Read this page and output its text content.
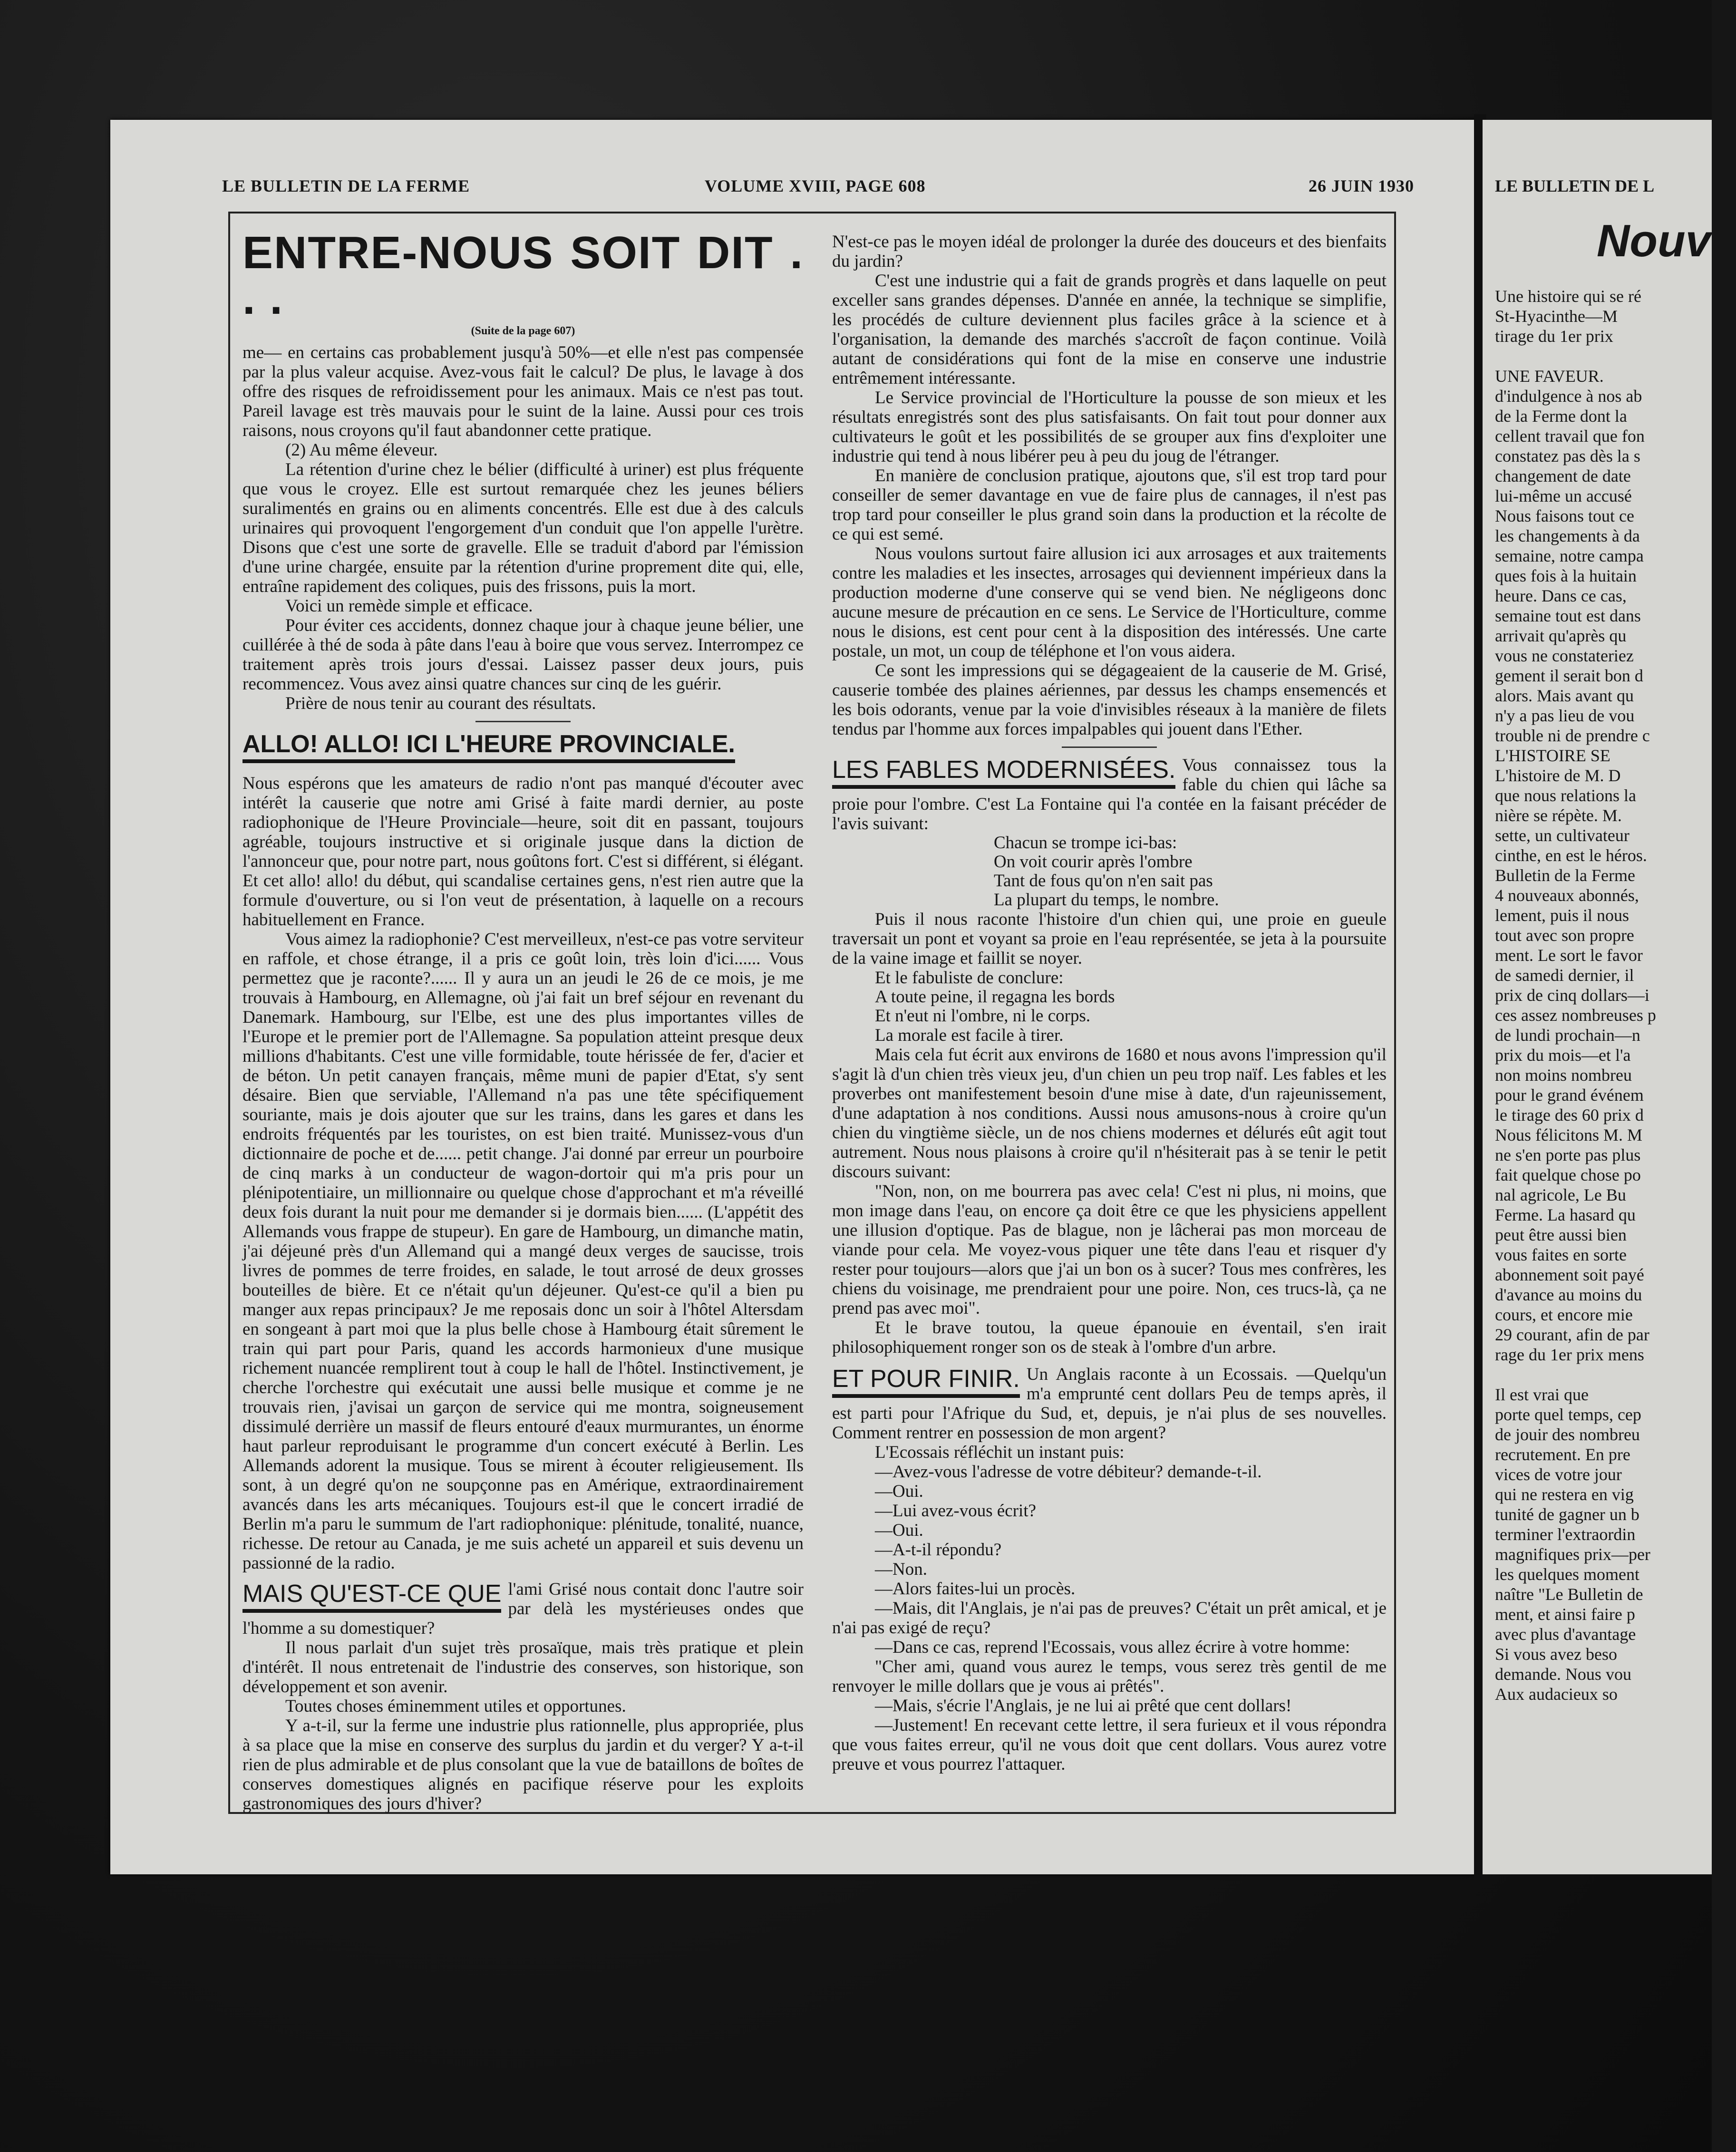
LE BULLETIN DE LA FERME	VOLUME XVIII, PAGE 608	26 JUIN 1930
ENTRE-NOUS SOIT DIT . . .
(Suite de la page 607)

me— en certains cas probablement jusqu'à 50%—et elle n'est pas compensée par la plus valeur acquise. Avez-vous fait le calcul? De plus, le lavage à dos offre des risques de refroidissement pour les animaux. Mais ce n'est pas tout. Pareil lavage est très mauvais pour le suint de la laine. Aussi pour ces trois raisons, nous croyons qu'il faut abandonner cette pratique.

(2) Au même éleveur.

La rétention d'urine chez le bélier (difficulté à uriner) est plus fréquente que vous le croyez. Elle est surtout remarquée chez les jeunes béliers suralimentés en grains ou en aliments concentrés. Elle est due à des calculs urinaires qui provoquent l'engorgement d'un conduit que l'on appelle l'urètre. Disons que c'est une sorte de gravelle. Elle se traduit d'abord par l'émission d'une urine chargée, ensuite par la rétention d'urine proprement dite qui, elle, entraîne rapidement des coliques, puis des frissons, puis la mort.

Voici un remède simple et efficace.

Pour éviter ces accidents, donnez chaque jour à chaque jeune bélier, une cuillérée à thé de soda à pâte dans l'eau à boire que vous servez. Interrompez ce traitement après trois jours d'essai. Laissez passer deux jours, puis recommencez. Vous avez ainsi quatre chances sur cinq de les guérir.

Prière de nous tenir au courant des résultats.

ALLO! ALLO! ICI L'HEURE PROVINCIALE.

Nous espérons que les amateurs de radio n'ont pas manqué d'écouter avec intérêt la causerie que notre ami Grisé à faite mardi dernier, au poste radiophonique de l'Heure Provinciale—heure, soit dit en passant, toujours agréable, toujours instructive et si originale jusque dans la diction de l'annonceur que, pour notre part, nous goûtons fort. C'est si différent, si élégant. Et cet allo! allo! du début, qui scandalise certaines gens, n'est rien autre que la formule d'ouverture, ou si l'on veut de présentation, à laquelle on a recours habituellement en France.

Vous aimez la radiophonie? C'est merveilleux, n'est-ce pas votre serviteur en raffole, et chose étrange, il a pris ce goût loin, très loin d'ici...... Vous permettez que je raconte?...... Il y aura un an jeudi le 26 de ce mois, je me trouvais à Hambourg, en Allemagne, où j'ai fait un bref séjour en revenant du Danemark. Hambourg, sur l'Elbe, est une des plus importantes villes de l'Europe et le premier port de l'Allemagne. Sa population atteint presque deux millions d'habitants. C'est une ville formidable, toute hérissée de fer, d'acier et de béton. Un petit canayen français, même muni de papier d'Etat, s'y sent désaire. Bien que serviable, l'Allemand n'a pas une tête spécifiquement souriante, mais je dois ajouter que sur les trains, dans les gares et dans les endroits fréquentés par les touristes, on est bien traité. Munissez-vous d'un dictionnaire de poche et de...... petit change. J'ai donné par erreur un pourboire de cinq marks à un conducteur de wagon-dortoir qui m'a pris pour un plénipotentiaire, un millionnaire ou quelque chose d'approchant et m'a réveillé deux fois durant la nuit pour me demander si je dormais bien...... (L'appétit des Allemands vous frappe de stupeur). En gare de Hambourg, un dimanche matin, j'ai déjeuné près d'un Allemand qui a mangé deux verges de saucisse, trois livres de pommes de terre froides, en salade, le tout arrosé de deux grosses bouteilles de bière. Et ce n'était qu'un déjeuner. Qu'est-ce qu'il a bien pu manger aux repas principaux? Je me reposais donc un soir à l'hôtel Altersdam en songeant à part moi que la plus belle chose à Hambourg était sûrement le train qui part pour Paris, quand les accords harmonieux d'une musique richement nuancée remplirent tout à coup le hall de l'hôtel. Instinctivement, je cherche l'orchestre qui exécutait une aussi belle musique et comme je ne trouvais rien, j'avisai un garçon de service qui me montra, soigneusement dissimulé derrière un massif de fleurs entouré d'eaux murmurantes, un énorme haut parleur reproduisant le programme d'un concert exécuté à Berlin. Les Allemands adorent la musique. Tous se mirent à écouter religieusement. Ils sont, à un degré qu'on ne soupçonne pas en Amérique, extraordinairement avancés dans les arts mécaniques. Toujours est-il que le concert irradié de Berlin m'a paru le summum de l'art radiophonique: plénitude, tonalité, nuance, richesse. De retour au Canada, je me suis acheté un appareil et suis devenu un passionné de la radio.

MAIS QU'EST-CE QUE l'ami Grisé nous contait donc l'autre soir par delà les mystérieuses ondes que l'homme a su domestiquer?

Il nous parlait d'un sujet très prosaïque, mais très pratique et plein d'intérêt. Il nous entretenait de l'industrie des conserves, son historique, son développement et son avenir.

Toutes choses éminemment utiles et opportunes.

Y a-t-il, sur la ferme une industrie plus rationnelle, plus appropriée, plus à sa place que la mise en conserve des surplus du jardin et du verger? Y a-t-il rien de plus admirable et de plus consolant que la vue de bataillons de boîtes de conserves domestiques alignés en pacifique réserve pour les exploits gastronomiques des jours d'hiver?

N'est-ce pas le moyen idéal de prolonger la durée des douceurs et des bienfaits du jardin?

C'est une industrie qui a fait de grands progrès et dans laquelle on peut exceller sans grandes dépenses. D'année en année, la technique se simplifie, les procédés de culture deviennent plus faciles grâce à la science et à l'organisation, la demande des marchés s'accroît de façon continue. Voilà autant de considérations qui font de la mise en conserve une industrie entrêmement intéressante.

Le Service provincial de l'Horticulture la pousse de son mieux et les résultats enregistrés sont des plus satisfaisants. On fait tout pour donner aux cultivateurs le goût et les possibilités de se grouper aux fins d'exploiter une industrie qui tend à nous libérer peu à peu du joug de l'étranger.

En manière de conclusion pratique, ajoutons que, s'il est trop tard pour conseiller de semer davantage en vue de faire plus de cannages, il n'est pas trop tard pour conseiller le plus grand soin dans la production et la récolte de ce qui est semé.

Nous voulons surtout faire allusion ici aux arrosages et aux traitements contre les maladies et les insectes, arrosages qui deviennent impérieux dans la production moderne d'une conserve qui se vend bien. Ne négligeons donc aucune mesure de précaution en ce sens. Le Service de l'Horticulture, comme nous le disions, est cent pour cent à la disposition des intéressés. Une carte postale, un mot, un coup de téléphone et l'on vous aidera.

Ce sont les impressions qui se dégageaient de la causerie de M. Grisé, causerie tombée des plaines aériennes, par dessus les champs ensemencés et les bois odorants, venue par la voie d'invisibles réseaux à la manière de filets tendus par l'homme aux forces impalpables qui jouent dans l'Ether.

LES FABLES MODERNISÉES. Vous connaissez tous la fable du chien qui lâche sa proie pour l'ombre. C'est La Fontaine qui l'a contée en la faisant précéder de l'avis suivant:

Chacun se trompe ici-bas:
On voit courir après l'ombre
Tant de fous qu'on n'en sait pas
La plupart du temps, le nombre.

Puis il nous raconte l'histoire d'un chien qui, une proie en gueule traversait un pont et voyant sa proie en l'eau représentée, se jeta à la poursuite de la vaine image et faillit se noyer.

Et le fabuliste de conclure:

A toute peine, il regagna les bords
Et n'eut ni l'ombre, ni le corps.

La morale est facile à tirer.

Mais cela fut écrit aux environs de 1680 et nous avons l'impression qu'il s'agit là d'un chien très vieux jeu, d'un chien un peu trop naïf. Les fables et les proverbes ont manifestement besoin d'une mise à date, d'un rajeunissement, d'une adaptation à nos conditions. Aussi nous amusons-nous à croire qu'un chien du vingtième siècle, un de nos chiens modernes et délurés eût agit tout autrement. Nous nous plaisons à croire qu'il n'hésiterait pas à se tenir le petit discours suivant:

"Non, non, on me bourrera pas avec cela! C'est ni plus, ni moins, que mon image dans l'eau, on encore ça doit être ce que les physiciens appellent une illusion d'optique. Pas de blague, non je lâcherai pas mon morceau de viande pour cela. Me voyez-vous piquer une tête dans l'eau et risquer d'y rester pour toujours—alors que j'ai un bon os à sucer? Tous mes confrères, les chiens du voisinage, me prendraient pour une poire. Non, ces trucs-là, ça ne prend pas avec moi".

Et le brave toutou, la queue épanouie en éventail, s'en irait philosophiquement ronger son os de steak à l'ombre d'un arbre.

ET POUR FINIR. Un Anglais raconte à un Ecossais. —Quelqu'un m'a emprunté cent dollars Peu de temps après, il est parti pour l'Afrique du Sud, et, depuis, je n'ai plus de ses nouvelles. Comment rentrer en possession de mon argent?

L'Ecossais réfléchit un instant puis:

—Avez-vous l'adresse de votre débiteur? demande-t-il.

—Oui.

—Lui avez-vous écrit?

—Oui.

—A-t-il répondu?

—Non.

—Alors faites-lui un procès.

—Mais, dit l'Anglais, je n'ai pas de preuves? C'était un prêt amical, et je n'ai pas exigé de reçu?

—Dans ce cas, reprend l'Ecossais, vous allez écrire à votre homme:

"Cher ami, quand vous aurez le temps, vous serez très gentil de me renvoyer le mille dollars que je vous ai prêtés".

—Mais, s'écrie l'Anglais, je ne lui ai prêté que cent dollars!

—Justement! En recevant cette lettre, il sera furieux et il vous répondra que vous faites erreur, qu'il ne vous doit que cent dollars. Vous aurez votre preuve et vous pourrez l'attaquer.

LE BULLETIN DE L
Nouve
Une histoire qui se ré
St-Hyacinthe—M
tirage du 1er prix
UNE FAVEUR.
d'indulgence à nos ab
de la Ferme dont la
cellent travail que fon
constatez pas dès la s
changement de date
lui-même un accusé
Nous faisons tout ce
les changements à da
semaine, notre campa
ques fois à la huitain
heure. Dans ce cas,
semaine tout est dans
arrivait qu'après qu
vous ne constateriez
gement il serait bon d
alors. Mais avant qu
n'y a pas lieu de vou
trouble ni de prendre c
L'HISTOIRE SE
L'histoire de M. D
que nous relations la
nière se répète. M.
sette, un cultivateur
cinthe, en est le héros.
Bulletin de la Ferme
4 nouveaux abonnés,
lement, puis il nous
tout avec son propre
ment. Le sort le favor
de samedi dernier, il
prix de cinq dollars—i
ces assez nombreuses p
de lundi prochain—n
prix du mois—et l'a
non moins nombreu
pour le grand événem
le tirage des 60 prix d
Nous félicitons M. M
ne s'en porte pas plus
fait quelque chose po
nal agricole, Le Bu
Ferme. La hasard qu
peut être aussi bien
vous faites en sorte
abonnement soit payé
d'avance au moins du
cours, et encore mie
29 courant, afin de par
rage du 1er prix mens
Il est vrai que
porte quel temps, cep
de jouir des nombreu
recrutement. En pre
vices de votre jour
qui ne restera en vig
tunité de gagner un b
terminer l'extraordin
magnifiques prix—per
les quelques moment
naître "Le Bulletin de
ment, et ainsi faire p
avec plus d'avantage
Si vous avez beso
demande. Nous vou
Aux audacieux so
